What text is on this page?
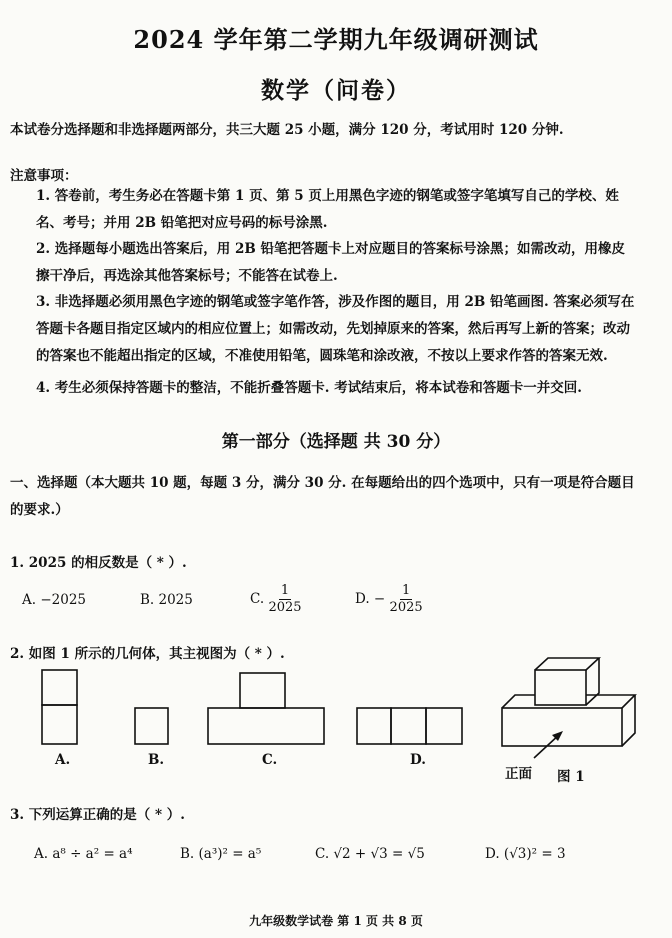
2024 学年第二学期九年级调研测试
数学（问卷）
本试卷分选择题和非选择题两部分，共三大题 25 小题，满分 120 分，考试用时 120 分钟.
注意事项：
1. 答卷前，考生务必在答题卡第 1 页、第 5 页上用黑色字迹的钢笔或签字笔填写自己的学校、姓名、考号；并用 2B 铅笔把对应号码的标号涂黑.
2. 选择题每小题选出答案后，用 2B 铅笔把答题卡上对应题目的答案标号涂黑；如需改动，用橡皮擦干净后，再选涂其他答案标号；不能答在试卷上.
3. 非选择题必须用黑色字迹的钢笔或签字笔作答，涉及作图的题目，用 2B 铅笔画图. 答案必须写在答题卡各题目指定区域内的相应位置上；如需改动，先划掉原来的答案，然后再写上新的答案；改动的答案也不能超出指定的区域，不准使用铅笔，圆珠笔和涂改液，不按以上要求作答的答案无效.
4. 考生必须保持答题卡的整洁，不能折叠答题卡. 考试结束后，将本试卷和答题卡一并交回.
第一部分（选择题 共 30 分）
一、选择题（本大题共 10 题，每题 3 分，满分 30 分. 在每题给出的四个选项中，只有一项是符合题目的要求.）
1. 2025 的相反数是（ * ）.
A. −2025	B. 2025	C. $\frac{1}{2025}$	D. − $\frac{1}{2025}$
2. 如图 1 所示的几何体，其主视图为（ * ）.
A.	B.	C.	D.
正面 图 1
3. 下列运算正确的是（ * ）.
A. a⁸ ÷ a² = a⁴	B. (a³)² = a⁵	C. √2 + √3 = √5	D. (√3)² = 3
九年级数学试卷 第 1 页 共 8 页
